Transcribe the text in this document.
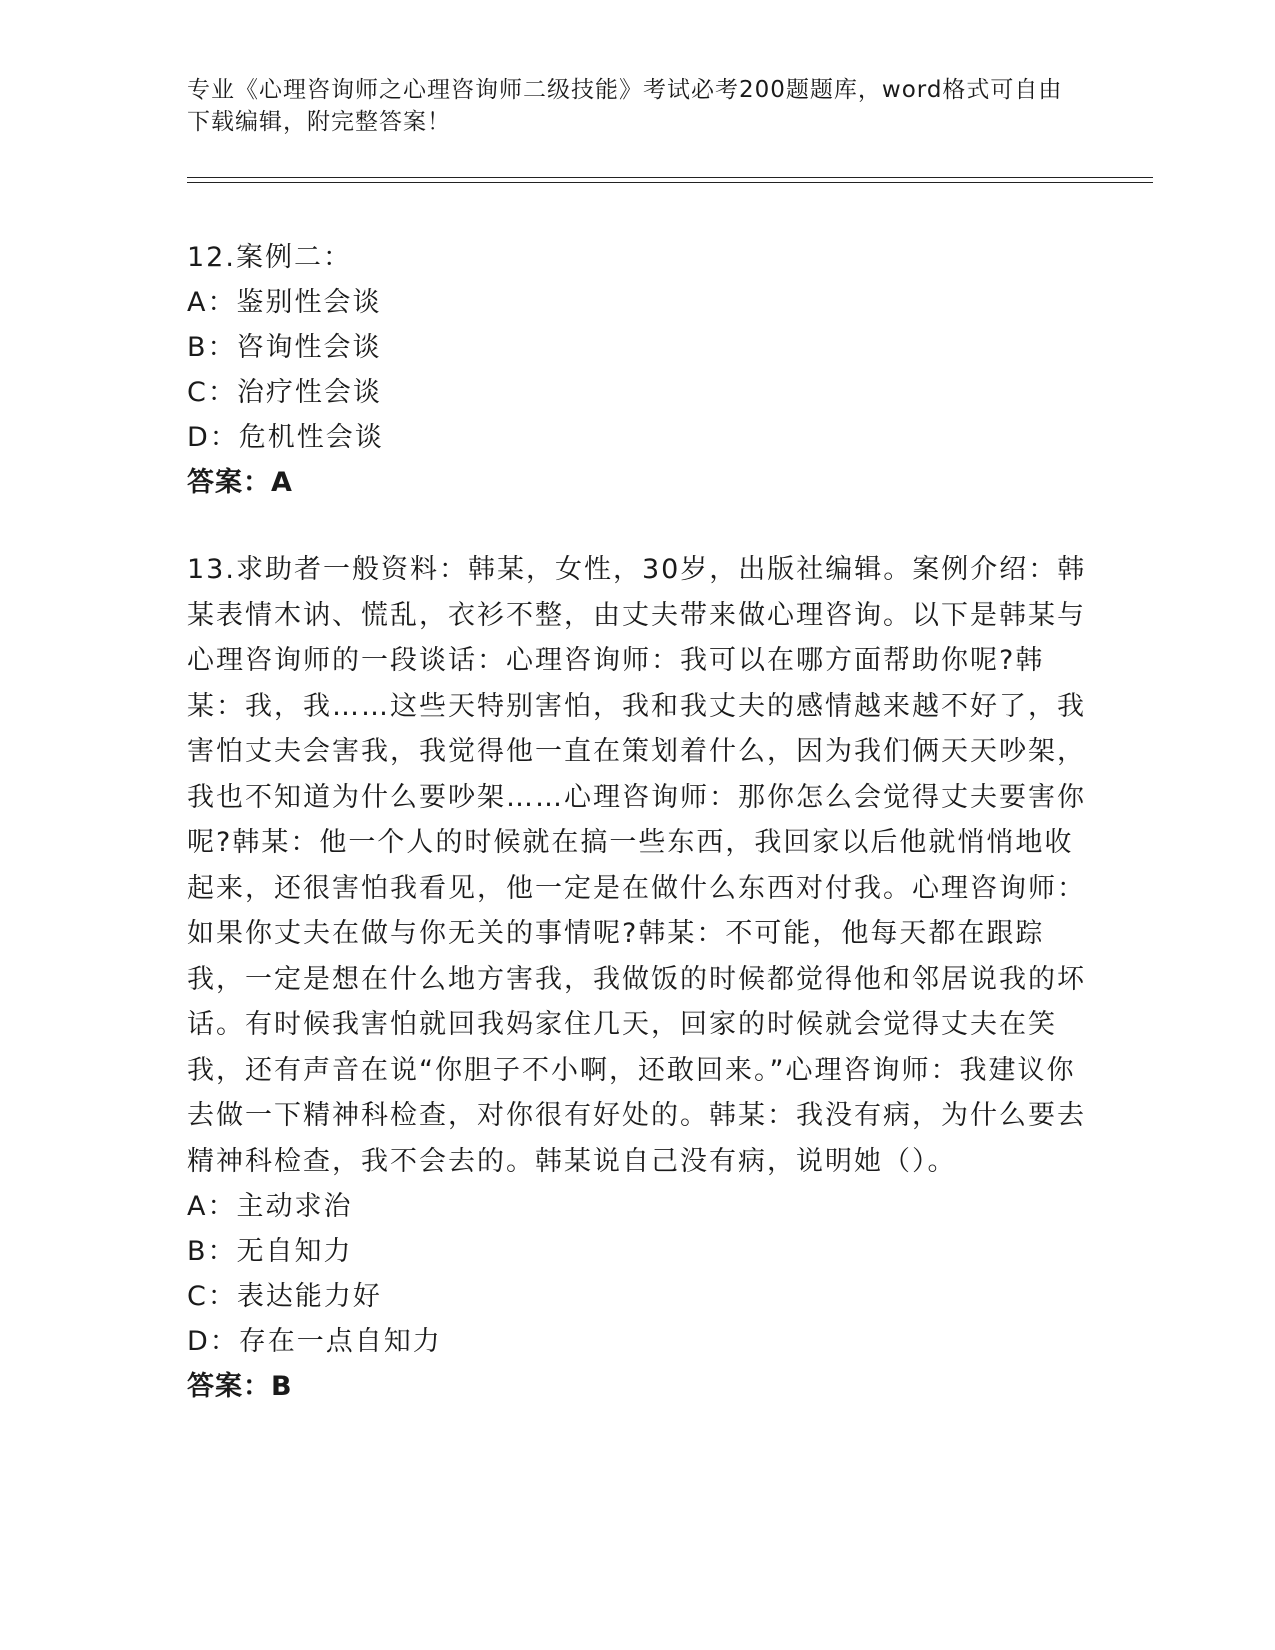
专业《心理咨询师之心理咨询师二级技能》考试必考200题题库，word格式可自由下载编辑，附完整答案！
12.案例二：
A：鉴别性会谈
B：咨询性会谈
C：治疗性会谈
D：危机性会谈
答案：A
13.求助者一般资料：韩某，女性，30岁，出版社编辑。案例介绍：韩某表情木讷、慌乱，衣衫不整，由丈夫带来做心理咨询。以下是韩某与心理咨询师的一段谈话：心理咨询师：我可以在哪方面帮助你呢?韩某：我，我……这些天特别害怕，我和我丈夫的感情越来越不好了，我害怕丈夫会害我，我觉得他一直在策划着什么，因为我们俩天天吵架，我也不知道为什么要吵架……心理咨询师：那你怎么会觉得丈夫要害你呢?韩某：他一个人的时候就在搞一些东西，我回家以后他就悄悄地收起来，还很害怕我看见，他一定是在做什么东西对付我。心理咨询师：如果你丈夫在做与你无关的事情呢?韩某：不可能，他每天都在跟踪我，一定是想在什么地方害我，我做饭的时候都觉得他和邻居说我的坏话。有时候我害怕就回我妈家住几天，回家的时候就会觉得丈夫在笑我，还有声音在说“你胆子不小啊，还敢回来。”心理咨询师：我建议你去做一下精神科检查，对你很有好处的。韩某：我没有病，为什么要去精神科检查，我不会去的。韩某说自己没有病，说明她（）。
A：主动求治
B：无自知力
C：表达能力好
D：存在一点自知力
答案：B
